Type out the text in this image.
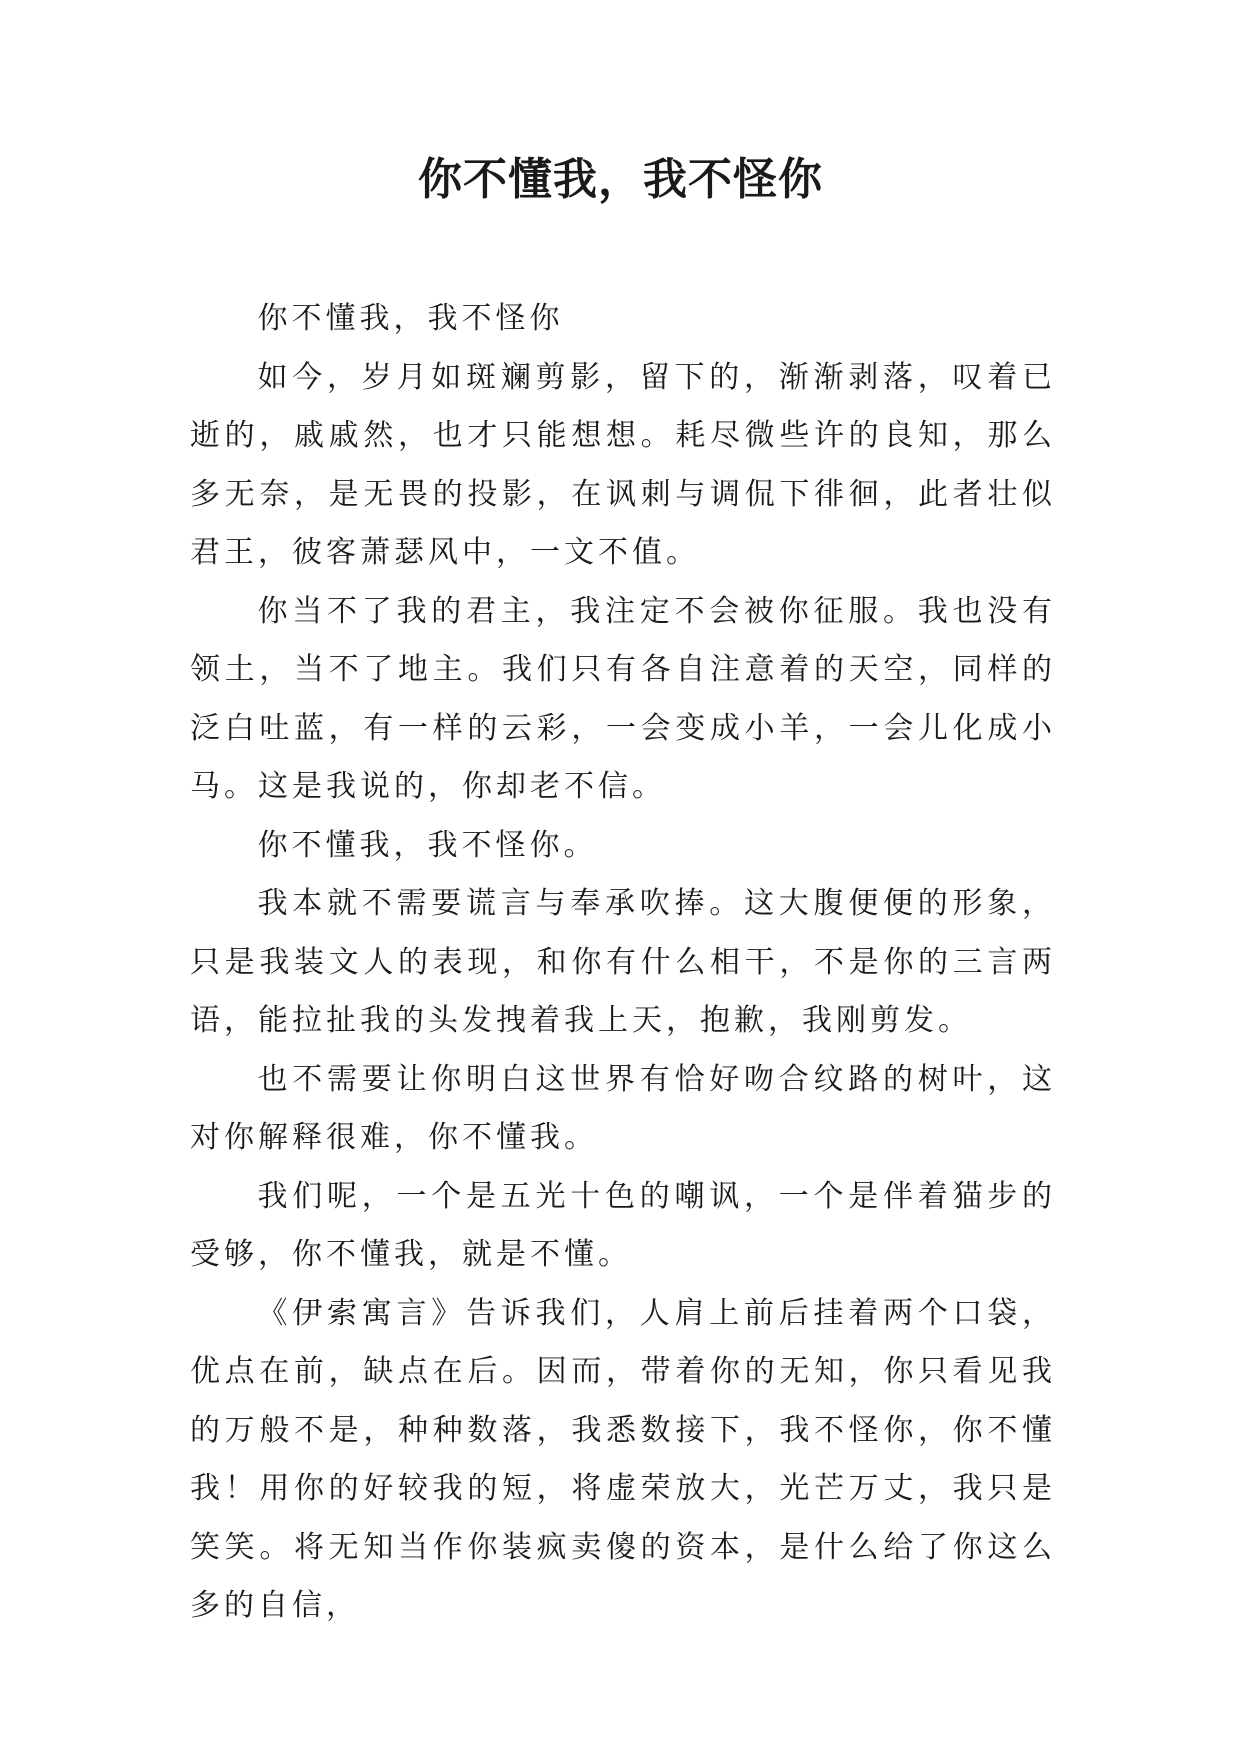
你不懂我，我不怪你

你不懂我，我不怪你

如今，岁月如斑斓剪影，留下的，渐渐剥落，叹着已逝的，戚戚然，也才只能想想。耗尽微些许的良知，那么多无奈，是无畏的投影，在讽刺与调侃下徘徊，此者壮似君王，彼客萧瑟风中，一文不值。

你当不了我的君主，我注定不会被你征服。我也没有领土，当不了地主。我们只有各自注意着的天空，同样的泛白吐蓝，有一样的云彩，一会变成小羊，一会儿化成小马。这是我说的，你却老不信。

你不懂我，我不怪你。

我本就不需要谎言与奉承吹捧。这大腹便便的形象，只是我装文人的表现，和你有什么相干，不是你的三言两语，能拉扯我的头发拽着我上天，抱歉，我刚剪发。

也不需要让你明白这世界有恰好吻合纹路的树叶，这对你解释很难，你不懂我。

我们呢，一个是五光十色的嘲讽，一个是伴着猫步的受够，你不懂我，就是不懂。

《伊索寓言》告诉我们，人肩上前后挂着两个口袋，优点在前，缺点在后。因而，带着你的无知，你只看见我的万般不是，种种数落，我悉数接下，我不怪你，你不懂我！用你的好较我的短，将虚荣放大，光芒万丈，我只是笑笑。将无知当作你装疯卖傻的资本，是什么给了你这么多的自信，
